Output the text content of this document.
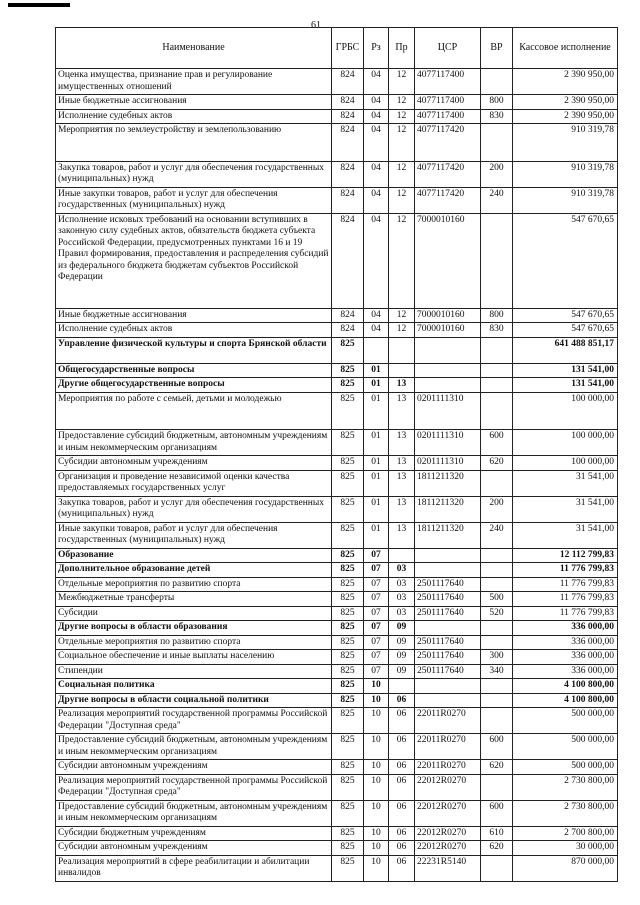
61
Наименование	ГРБС	Рз	Пр	ЦСР	ВР	Кассовое исполнение
Оценка имущества, признание прав и регулирование имущественных отношений	824	04	12	4077117400		2 390 950,00
Иные бюджетные ассигнования	824	04	12	4077117400	800	2 390 950,00
Исполнение судебных актов	824	04	12	4077117400	830	2 390 950,00
Мероприятия по землеустройству и землепользованию	824	04	12	4077117420		910 319,78
Закупка товаров, работ и услуг для обеспечения государственных (муниципальных) нужд	824	04	12	4077117420	200	910 319,78
Иные закупки товаров, работ и услуг для обеспечения государственных (муниципальных) нужд	824	04	12	4077117420	240	910 319,78
Исполнение исковых требований на основании вступивших в законную силу судебных актов, обязательств бюджета субъекта Российской Федерации, предусмотренных пунктами 16 и 19 Правил формирования, предоставления и распределения субсидий из федерального бюджета бюджетам субъектов Российской Федерации	824	04	12	7000010160		547 670,65
Иные бюджетные ассигнования	824	04	12	7000010160	800	547 670,65
Исполнение судебных актов	824	04	12	7000010160	830	547 670,65
Управление физической культуры и спорта Брянской области	825					641 488 851,17
Общегосударственные вопросы	825	01				131 541,00
Другие общегосударственные вопросы	825	01	13			131 541,00
Мероприятия по работе с семьей, детьми и молодежью	825	01	13	0201111310		100 000,00
Предоставление субсидий бюджетным, автономным учреждениям и иным некоммерческим организациям	825	01	13	0201111310	600	100 000,00
Субсидии автономным учреждениям	825	01	13	0201111310	620	100 000,00
Организация и проведение независимой оценки качества предоставляемых государственных услуг	825	01	13	1811211320		31 541,00
Закупка товаров, работ и услуг для обеспечения государственных (муниципальных) нужд	825	01	13	1811211320	200	31 541,00
Иные закупки товаров, работ и услуг для обеспечения государственных (муниципальных) нужд	825	01	13	1811211320	240	31 541,00
Образование	825	07				12 112 799,83
Дополнительное образование детей	825	07	03			11 776 799,83
Отдельные мероприятия по развитию спорта	825	07	03	2501117640		11 776 799,83
Межбюджетные трансферты	825	07	03	2501117640	500	11 776 799,83
Субсидии	825	07	03	2501117640	520	11 776 799,83
Другие вопросы в области образования	825	07	09			336 000,00
Отдельные мероприятия по развитию спорта	825	07	09	2501117640		336 000,00
Социальное обеспечение и иные выплаты населению	825	07	09	2501117640	300	336 000,00
Стипендии	825	07	09	2501117640	340	336 000,00
Социальная политика	825	10				4 100 800,00
Другие вопросы в области социальной политики	825	10	06			4 100 800,00
Реализация мероприятий государственной программы Российской Федерации "Доступная среда"	825	10	06	22011R0270		500 000,00
Предоставление субсидий бюджетным, автономным учреждениям и иным некоммерческим организациям	825	10	06	22011R0270	600	500 000,00
Субсидии автономным учреждениям	825	10	06	22011R0270	620	500 000,00
Реализация мероприятий государственной программы Российской Федерации "Доступная среда"	825	10	06	22012R0270		2 730 800,00
Предоставление субсидий бюджетным, автономным учреждениям и иным некоммерческим организациям	825	10	06	22012R0270	600	2 730 800,00
Субсидии бюджетным учреждениям	825	10	06	22012R0270	610	2 700 800,00
Субсидии автономным учреждениям	825	10	06	22012R0270	620	30 000,00
Реализация мероприятий в сфере реабилитации и абилитации инвалидов	825	10	06	22231R5140		870 000,00
